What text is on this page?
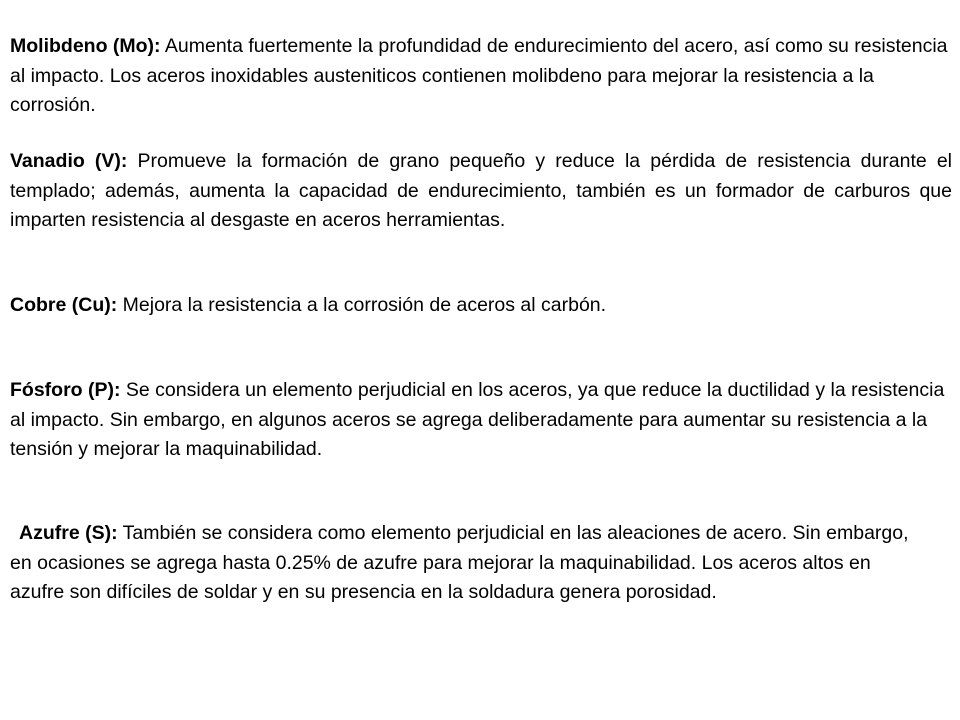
Molibdeno (Mo): Aumenta fuertemente la profundidad de endurecimiento del acero, así como su resistencia al impacto. Los aceros inoxidables austeniticos contienen molibdeno para mejorar la resistencia a la corrosión.

Vanadio (V): Promueve la formación de grano pequeño y reduce la pérdida de resistencia durante el templado; además, aumenta la capacidad de endurecimiento, también es un formador de carburos que imparten resistencia al desgaste en aceros herramientas.

Cobre (Cu): Mejora la resistencia a la corrosión de aceros al carbón.

Fósforo (P): Se considera un elemento perjudicial en los aceros, ya que reduce la ductilidad y la resistencia al impacto. Sin embargo, en algunos aceros se agrega deliberadamente para aumentar su resistencia a la tensión y mejorar la maquinabilidad.

Azufre (S): También se considera como elemento perjudicial en las aleaciones de acero. Sin embargo, en ocasiones se agrega hasta 0.25% de azufre para mejorar la maquinabilidad. Los aceros altos en azufre son difíciles de soldar y en su presencia en la soldadura genera porosidad.
